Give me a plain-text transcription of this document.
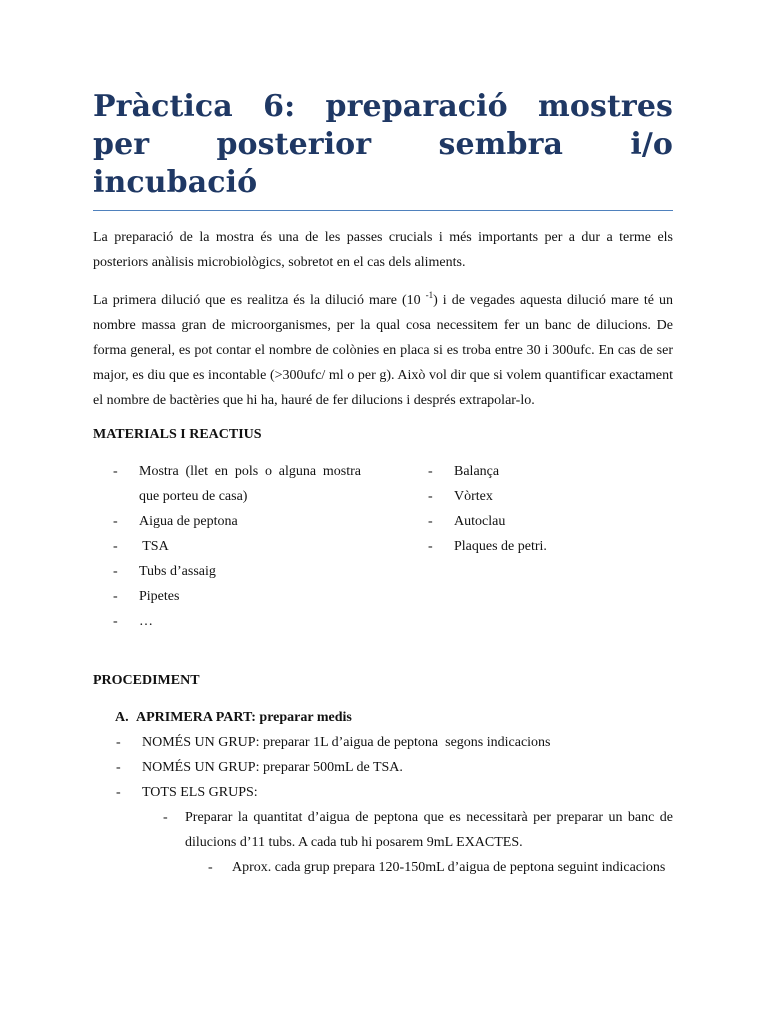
Pràctica 6: preparació mostres per posterior sembra i/o incubació

La preparació de la mostra és una de les passes crucials i més importants per a dur a terme els posteriors anàlisis microbiològics, sobretot en el cas dels aliments.

La primera dilució que es realitza és la dilució mare (10 $^{-1}$) i de vegades aquesta dilució mare té un nombre massa gran de microorganismes, per la qual cosa necessitem fer un banc de dilucions. De forma general, es pot contar el nombre de colònies en placa si es troba entre 30 i 300ufc. En cas de ser major, es diu que es incontable (>300ufc/ ml o per g). Això vol dir que si volem quantificar exactament el nombre de bactèries que hi ha, hauré de fer dilucions i després extrapolar-lo.

MATERIALS I REACTIUS
- Mostra (llet en pols o alguna mostra que porteu de casa)
- Aigua de peptona
- TSA
- Tubs d’assaig
- Pipetes
- …
- Balança
- Vòrtex
- Autoclau
- Plaques de petri.
PROCEDIMENT
A. APRIMERA PART: preparar medis
- NOMÉS UN GRUP: preparar 1L d’aigua de peptona  segons indicacions
- NOMÉS UN GRUP: preparar 500mL de TSA.
- TOTS ELS GRUPS:
- Preparar la quantitat d’aigua de peptona que es necessitarà per preparar un banc de dilucions d’11 tubs. A cada tub hi posarem 9mL EXACTES.
- Aprox. cada grup prepara 120-150mL d’aigua de peptona seguint indicacions
